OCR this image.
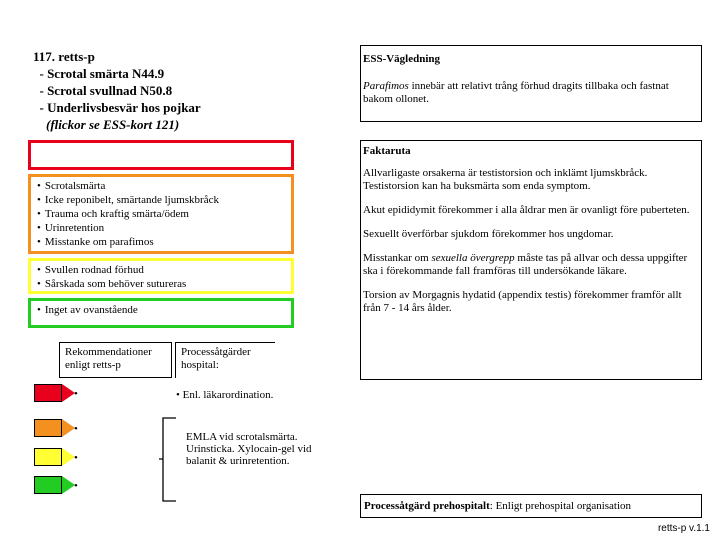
117. retts-p
- Scrotal smärta N44.9
- Scrotal svullnad N50.8
- Underlivsbesvär hos pojkar
(flickor se ESS-kort 121)
ESS-Vägledning
Parafimos innebär att relativt trång förhud dragits tillbaka och fastnat bakom ollonet.
Faktaruta

Allvarligaste orsakerna är testistorsion och inklämt ljumskbråck. Testistorsion kan ha buksmärta som enda symptom.

Akut epididymit förekommer i alla åldrar men är ovanligt före puberteten.

Sexuellt överförbar sjukdom förekommer hos ungdomar.

Misstankar om sexuella övergrepp måste tas på allvar och dessa uppgifter ska i förekommande fall framföras till undersökande läkare.

Torsion av Morgagnis hydatid (appendix testis) förekommer framför allt från 7 - 14 års ålder.

• Scrotalsmärta
• Icke reponibelt, smärtande ljumskbråck
• Trauma och kraftig smärta/ödem
• Urinretention
• Misstanke om parafimos
• Svullen rodnad förhud
• Sårskada som behöver sutureras
• Inget av ovanstående
Rekommendationer enligt retts-p
Processåtgärder hospital:
•
•
•
•
• Enl. läkarordination.
EMLA vid scrotalsmärta. Urinsticka. Xylocain-gel vid balanit & urinretention.
Processåtgärd prehospitalt: Enligt prehospital organisation
retts-p v.1.1
